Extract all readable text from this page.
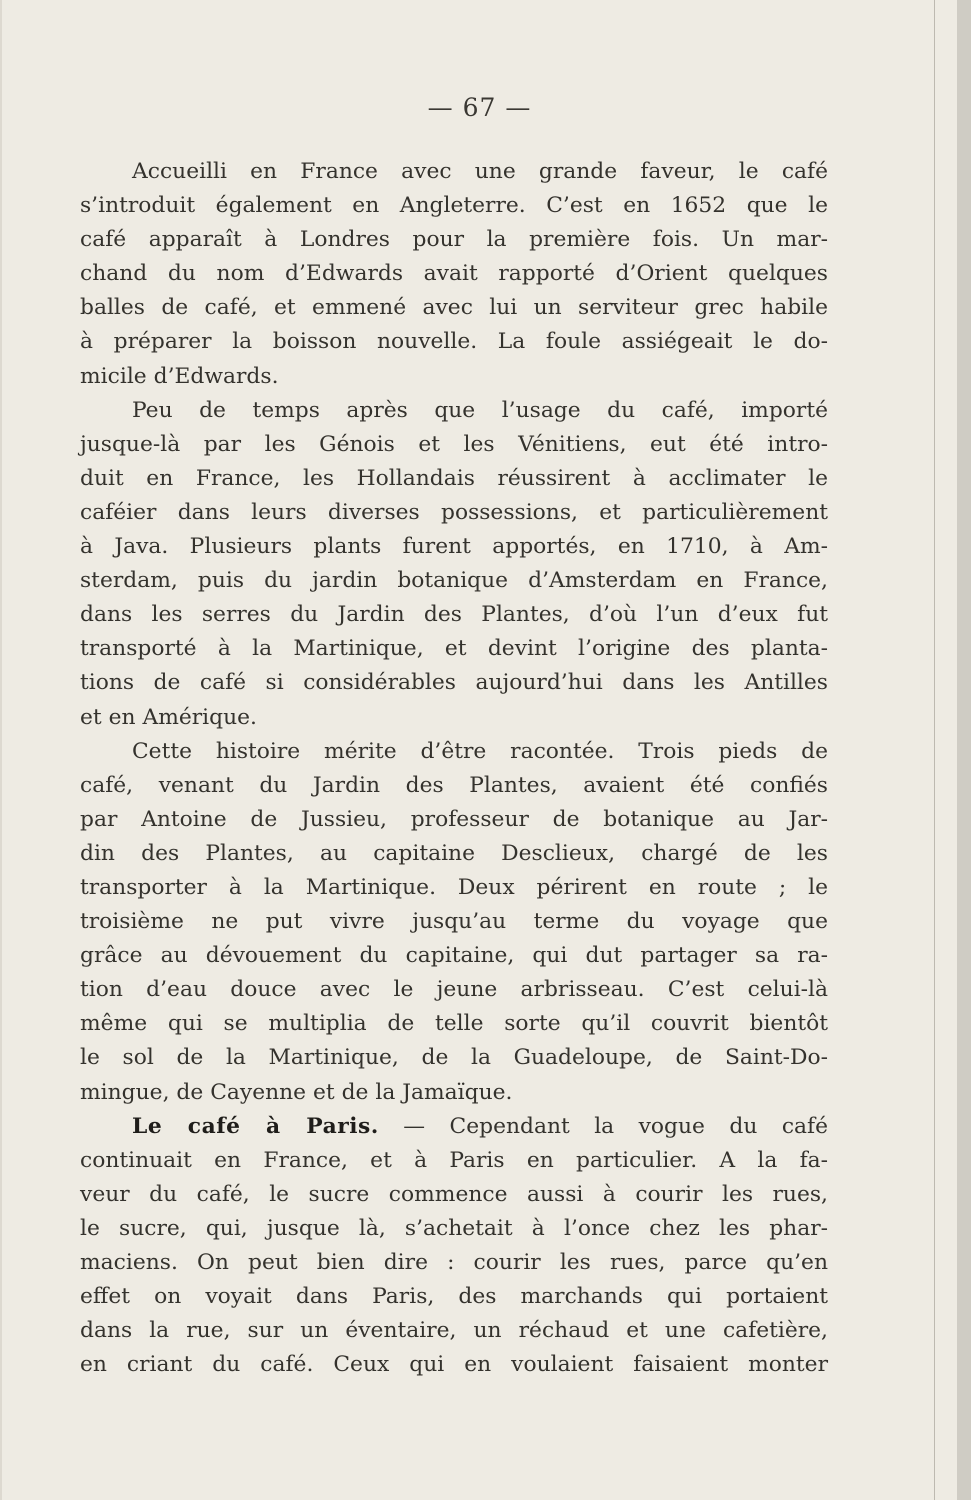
— 67 —
Accueilli en France avec une grande faveur, le café
s’introduit également en Angleterre. C’est en 1652 que le
café apparaît à Londres pour la première fois. Un mar-
chand du nom d’Edwards avait rapporté d’Orient quelques
balles de café, et emmené avec lui un serviteur grec habile
à préparer la boisson nouvelle. La foule assiégeait le do-
micile d’Edwards.
Peu de temps après que l’usage du café, importé
jusque-là par les Génois et les Vénitiens, eut été intro-
duit en France, les Hollandais réussirent à acclimater le
caféier dans leurs diverses possessions, et particulièrement
à Java. Plusieurs plants furent apportés, en 1710, à Am-
sterdam, puis du jardin botanique d’Amsterdam en France,
dans les serres du Jardin des Plantes, d’où l’un d’eux fut
transporté à la Martinique, et devint l’origine des planta-
tions de café si considérables aujourd’hui dans les Antilles
et en Amérique.
Cette histoire mérite d’être racontée. Trois pieds de
café, venant du Jardin des Plantes, avaient été confiés
par Antoine de Jussieu, professeur de botanique au Jar-
din des Plantes, au capitaine Desclieux, chargé de les
transporter à la Martinique. Deux périrent en route ; le
troisième ne put vivre jusqu’au terme du voyage que
grâce au dévouement du capitaine, qui dut partager sa ra-
tion d’eau douce avec le jeune arbrisseau. C’est celui-là
même qui se multiplia de telle sorte qu’il couvrit bientôt
le sol de la Martinique, de la Guadeloupe, de Saint-Do-
mingue, de Cayenne et de la Jamaïque.
Le café à Paris. — Cependant la vogue du café
continuait en France, et à Paris en particulier. A la fa-
veur du café, le sucre commence aussi à courir les rues,
le sucre, qui, jusque là, s’achetait à l’once chez les phar-
maciens. On peut bien dire : courir les rues, parce qu’en
effet on voyait dans Paris, des marchands qui portaient
dans la rue, sur un éventaire, un réchaud et une cafetière,
en criant du café. Ceux qui en voulaient faisaient monter
